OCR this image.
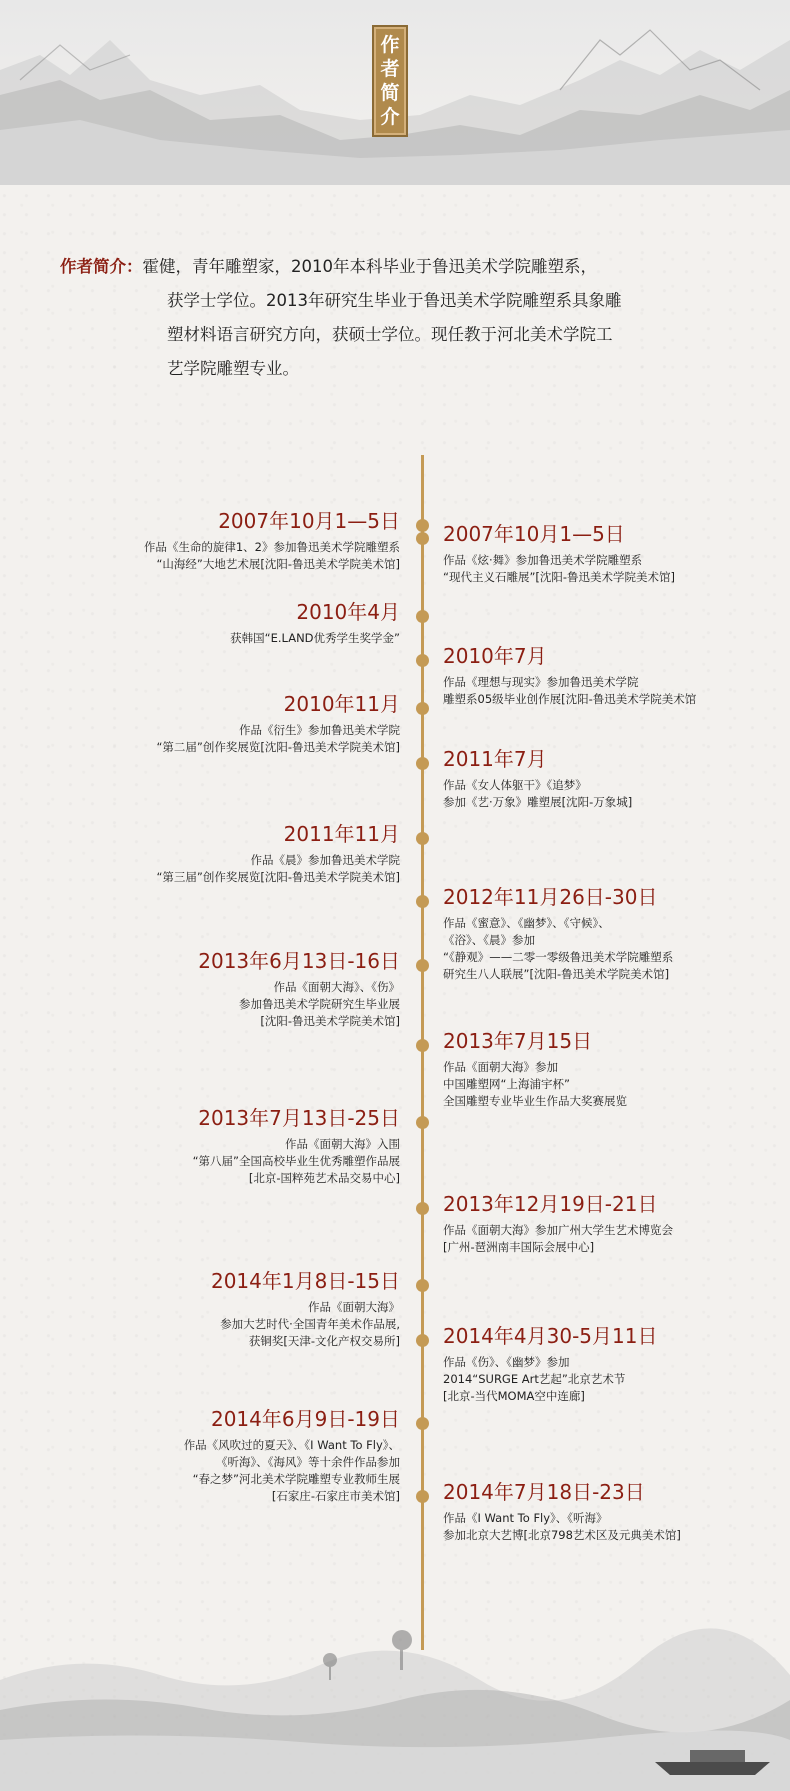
作
者
简
介
作者简介： 霍健，青年雕塑家，2010年本科毕业于鲁迅美术学院雕塑系，
获学士学位。2013年研究生毕业于鲁迅美术学院雕塑系具象雕
塑材料语言研究方向，获硕士学位。现任教于河北美术学院工
艺学院雕塑专业。
2007年10月1—5日
作品《生命的旋律1、2》参加鲁迅美术学院雕塑系
“山海经”大地艺术展[沈阳-鲁迅美术学院美术馆]
2010年4月
获韩国“E.LAND优秀学生奖学金”
2010年11月
作品《衍生》参加鲁迅美术学院
“第二届”创作奖展览[沈阳-鲁迅美术学院美术馆]
2011年11月
作品《晨》参加鲁迅美术学院
“第三届”创作奖展览[沈阳-鲁迅美术学院美术馆]
2013年6月13日-16日
作品《面朝大海》、《伤》
参加鲁迅美术学院研究生毕业展
[沈阳-鲁迅美术学院美术馆]
2013年7月13日-25日
作品《面朝大海》入围
“第八届”全国高校毕业生优秀雕塑作品展
[北京-国粹苑艺术品交易中心]
2014年1月8日-15日
作品《面朝大海》
参加大艺时代·全国青年美术作品展,
获铜奖[天津-文化产权交易所]
2014年6月9日-19日
作品《风吹过的夏天》、《I Want To Fly》、
《听海》、《海风》等十余件作品参加
“春之梦”河北美术学院雕塑专业教师生展
[石家庄-石家庄市美术馆]
2007年10月1—5日
作品《炫·舞》参加鲁迅美术学院雕塑系
“现代主义石雕展”[沈阳-鲁迅美术学院美术馆]
2010年7月
作品《理想与现实》参加鲁迅美术学院
雕塑系05级毕业创作展[沈阳-鲁迅美术学院美术馆
2011年7月
作品《女人体躯干》《追梦》
参加《艺·万象》雕塑展[沈阳-万象城]
2012年11月26日-30日
作品《蜜意》、《幽梦》、《守候》、
《浴》、《晨》参加
“《静观》——二零一零级鲁迅美术学院雕塑系
研究生八人联展”[沈阳-鲁迅美术学院美术馆]
2013年7月15日
作品《面朝大海》参加
中国雕塑网“上海浦宇杯”
全国雕塑专业毕业生作品大奖赛展览
2013年12月19日-21日
作品《面朝大海》参加广州大学生艺术博览会
[广州-琶洲南丰国际会展中心]
2014年4月30-5月11日
作品《伤》、《幽梦》参加
2014“SURGE Art艺起”北京艺术节
[北京-当代MOMA空中连廊]
2014年7月18日-23日
作品《I Want To Fly》、《听海》
参加北京大艺博[北京798艺术区及元典美术馆]
